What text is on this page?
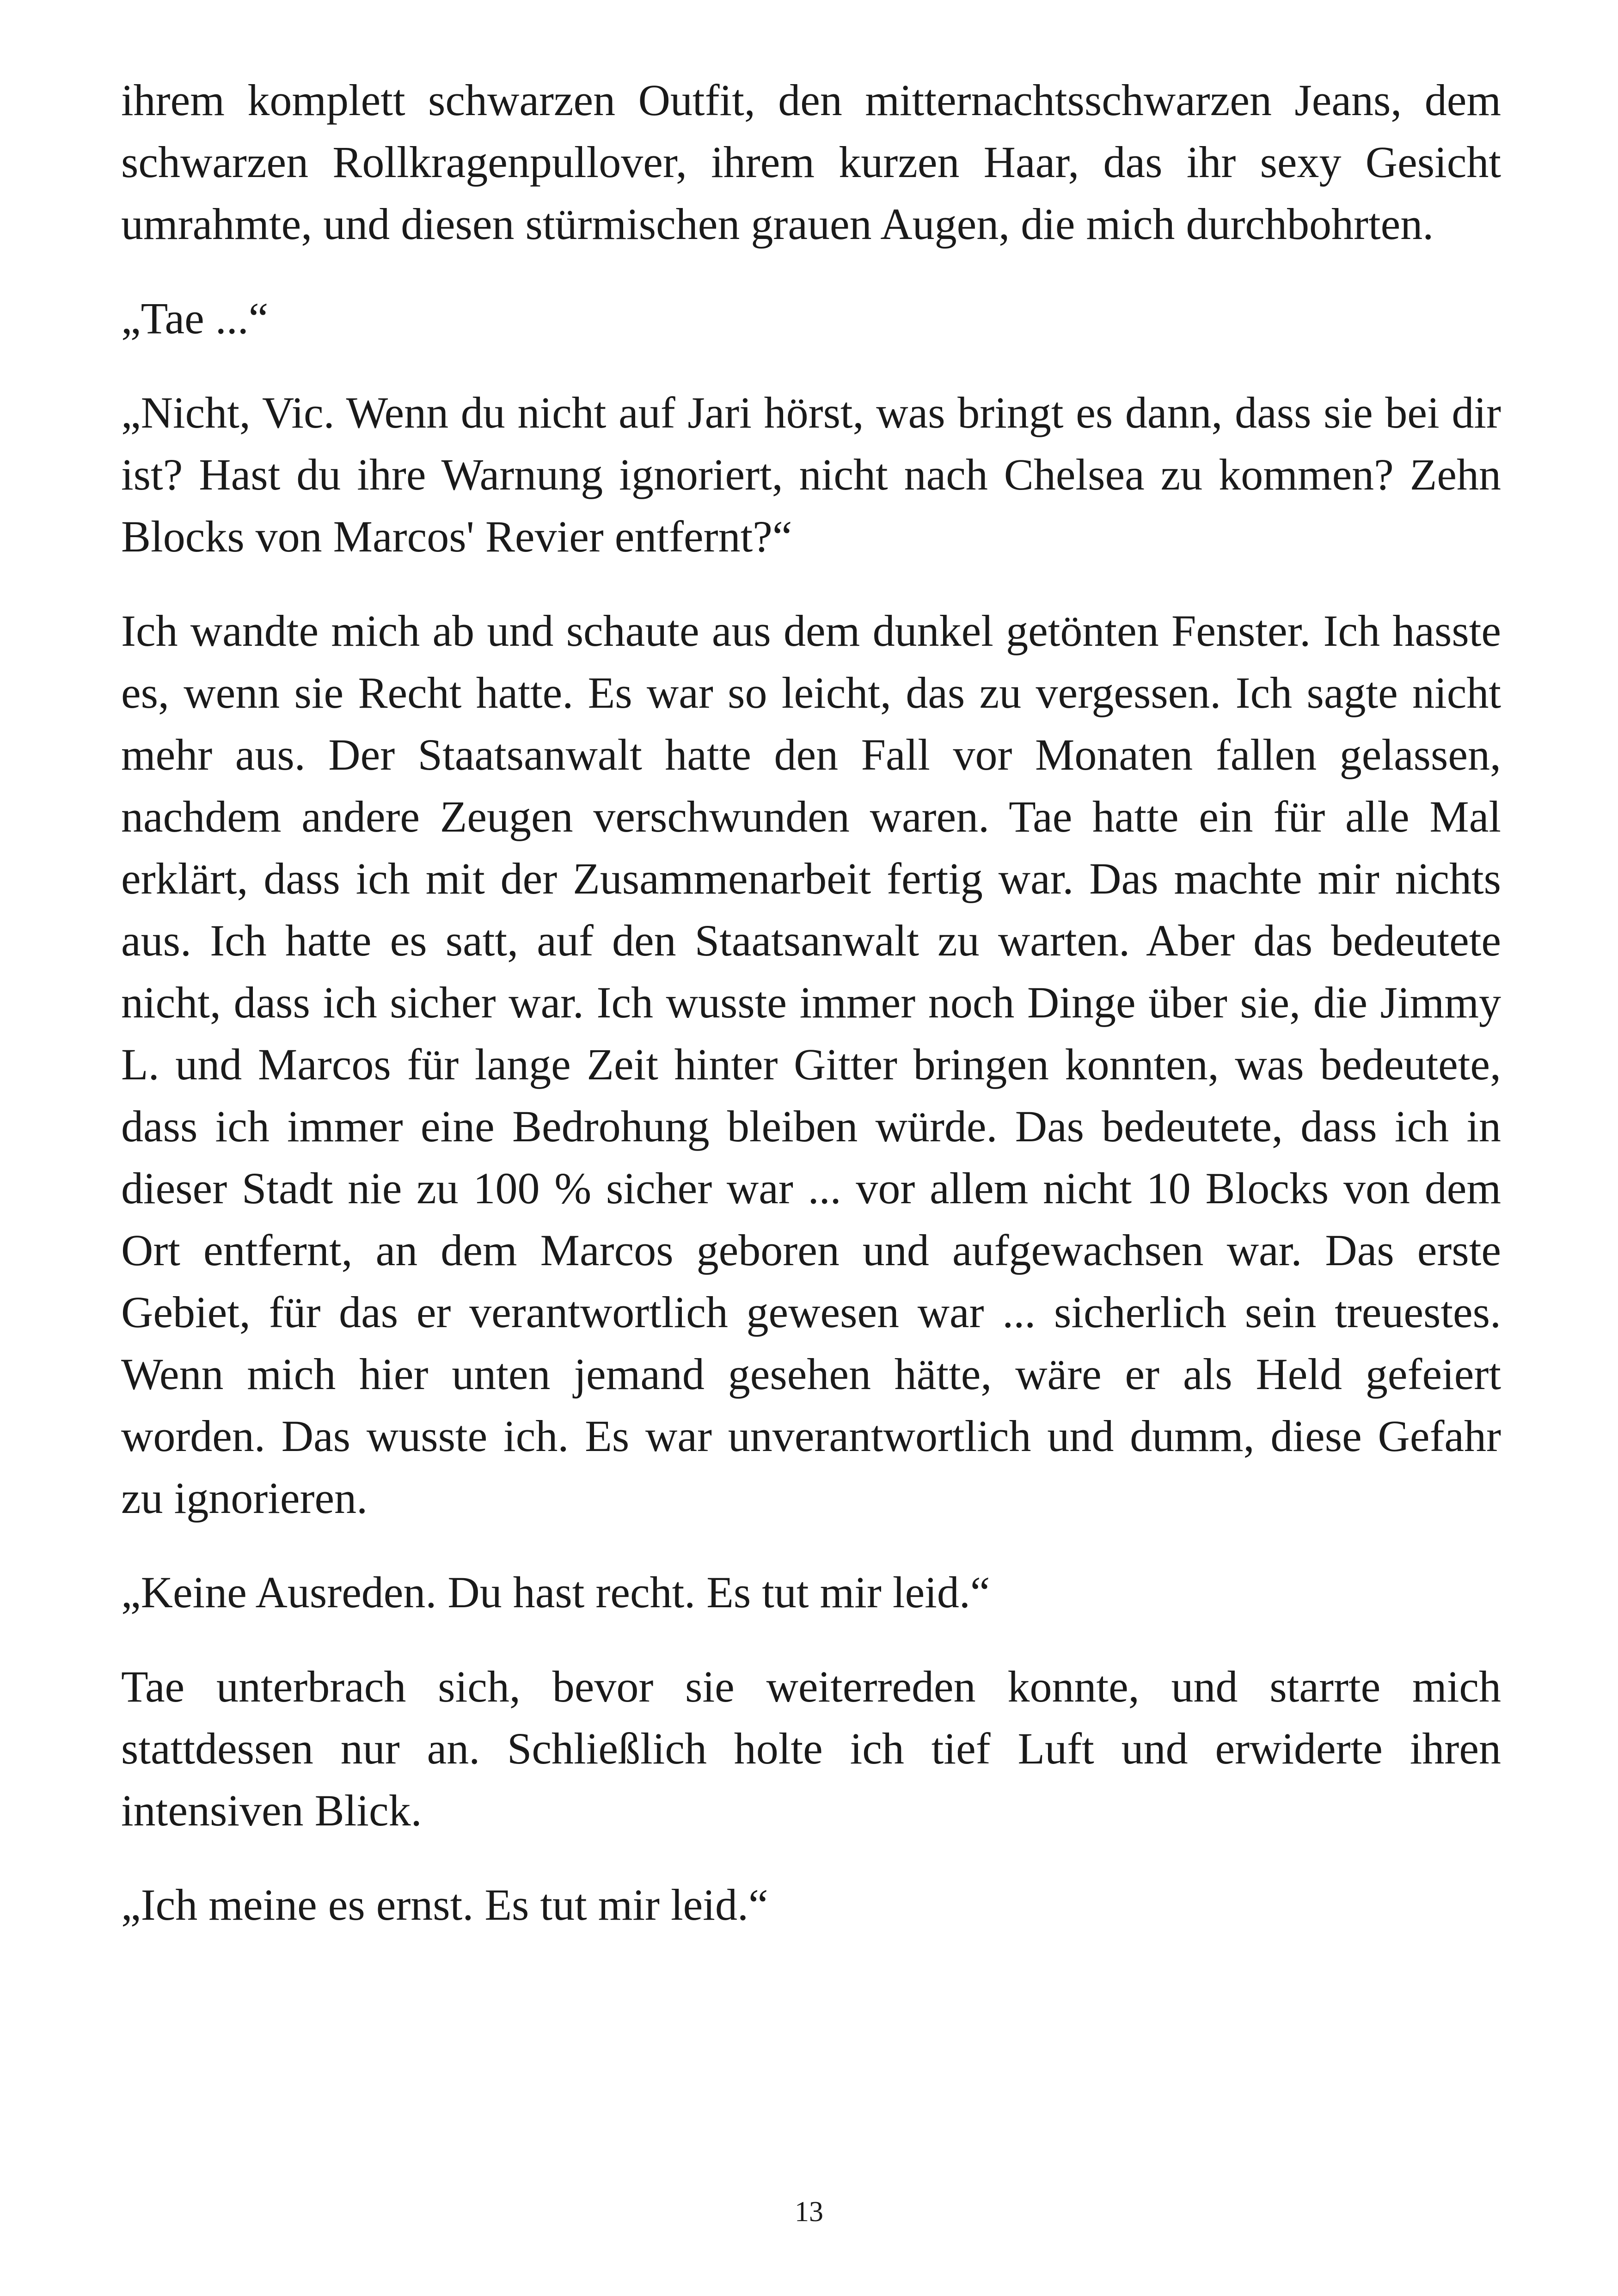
ihrem komplett schwarzen Outfit, den mitternachtsschwarzen Jeans, dem schwarzen Rollkragenpullover, ihrem kurzen Haar, das ihr sexy Gesicht umrahmte, und diesen stürmischen grauen Augen, die mich durchbohrten.

„Tae ...“

„Nicht, Vic. Wenn du nicht auf Jari hörst, was bringt es dann, dass sie bei dir ist? Hast du ihre Warnung ignoriert, nicht nach Chelsea zu kommen? Zehn Blocks von Marcos' Revier entfernt?“

Ich wandte mich ab und schaute aus dem dunkel getönten Fenster. Ich hasste es, wenn sie Recht hatte. Es war so leicht, das zu vergessen. Ich sagte nicht mehr aus. Der Staatsanwalt hatte den Fall vor Monaten fallen gelassen, nachdem andere Zeugen verschwunden waren. Tae hatte ein für alle Mal erklärt, dass ich mit der Zusammenarbeit fertig war. Das machte mir nichts aus. Ich hatte es satt, auf den Staatsanwalt zu warten. Aber das bedeutete nicht, dass ich sicher war. Ich wusste immer noch Dinge über sie, die Jimmy L. und Marcos für lange Zeit hinter Gitter bringen konnten, was bedeutete, dass ich immer eine Bedrohung bleiben würde. Das bedeutete, dass ich in dieser Stadt nie zu 100 % sicher war ... vor allem nicht 10 Blocks von dem Ort entfernt, an dem Marcos geboren und aufgewachsen war. Das erste Gebiet, für das er verantwortlich gewesen war ... sicherlich sein treuestes. Wenn mich hier unten jemand gesehen hätte, wäre er als Held gefeiert worden. Das wusste ich. Es war unverantwortlich und dumm, diese Gefahr zu ignorieren.

„Keine Ausreden. Du hast recht. Es tut mir leid.“

Tae unterbrach sich, bevor sie weiterreden konnte, und starrte mich stattdessen nur an. Schließlich holte ich tief Luft und erwiderte ihren intensiven Blick.

„Ich meine es ernst. Es tut mir leid.“

13
